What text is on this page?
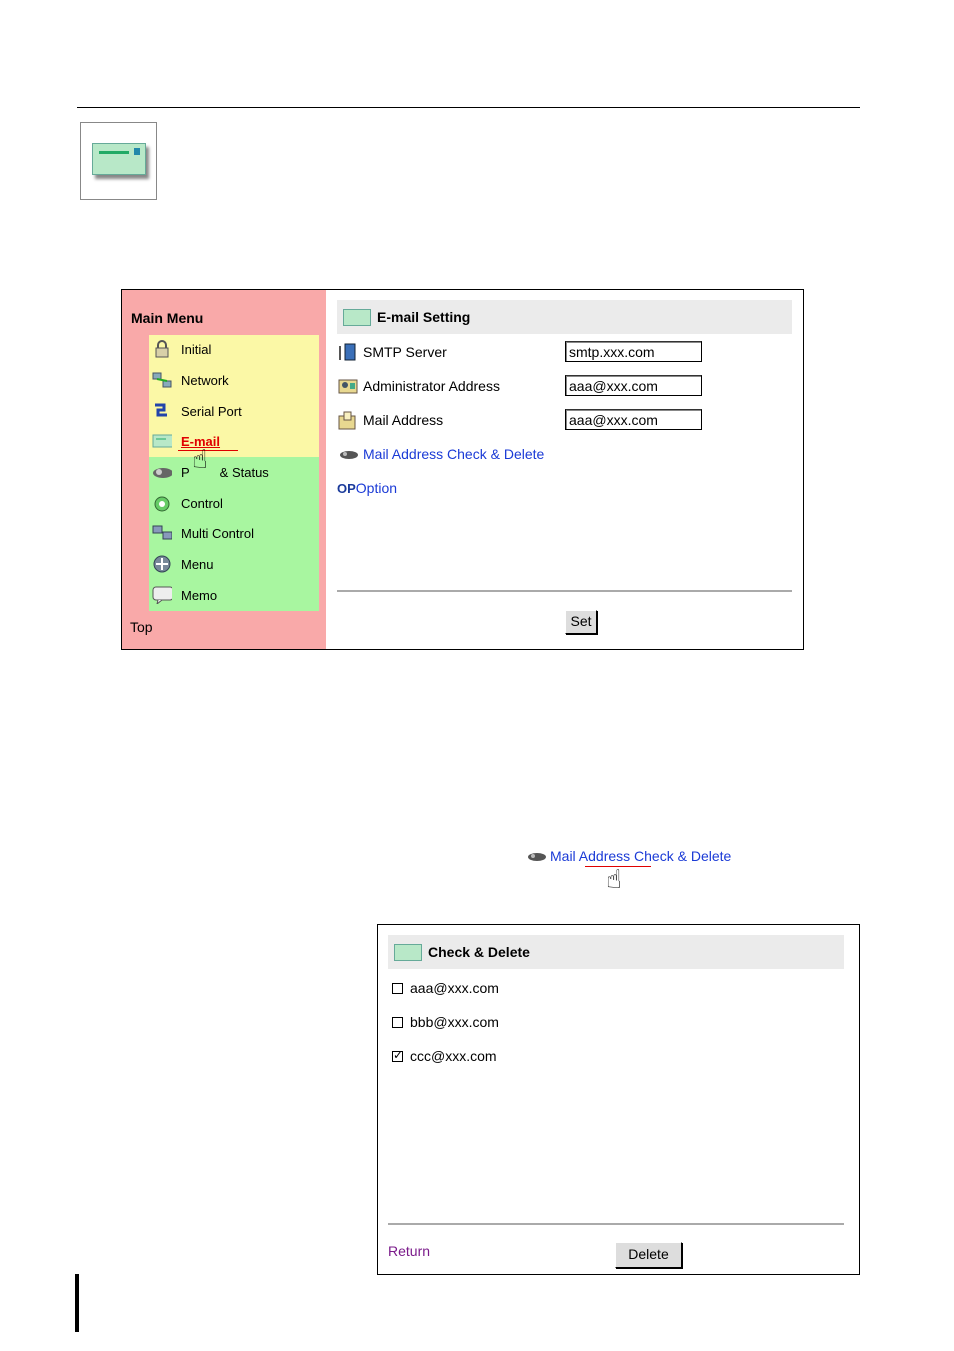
Main Menu
Initial
Network
Serial Port
E-mail
P & Status
Control
Multi Control
Menu
Memo
☝
Top
E-mail Setting
SMTP Server	smtp.xxx.com
Administrator Address	aaa@xxx.com
Mail Address	aaa@xxx.com
Mail Address Check & Delete
OP Option
Set
Mail Address Check & Delete
☝
Check & Delete
aaa@xxx.com
bbb@xxx.com
✓
ccc@xxx.com
Return	Delete
